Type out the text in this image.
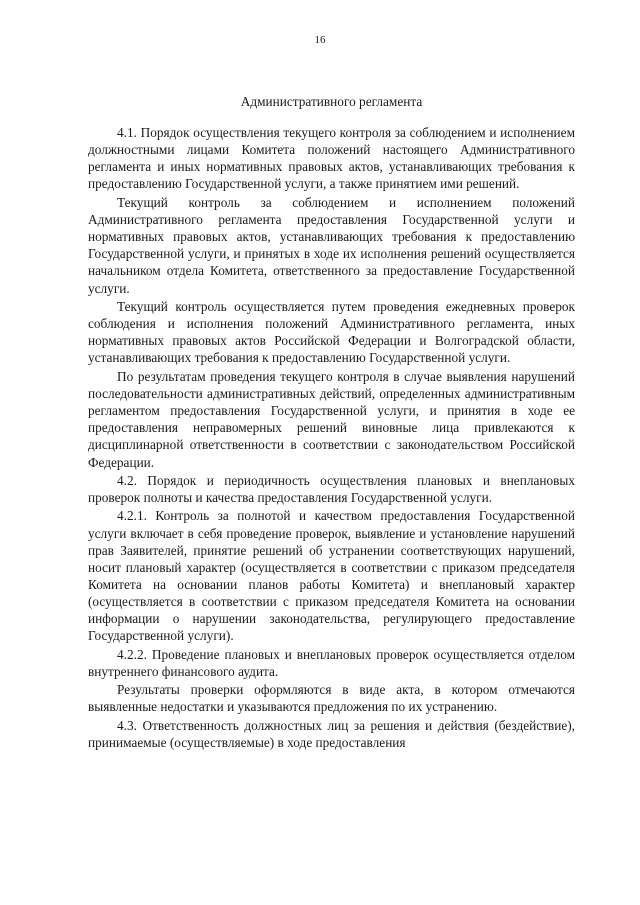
16
Административного регламента

4.1. Порядок осуществления текущего контроля за соблюдением и исполнением должностными лицами Комитета положений настоящего Административного регламента и иных нормативных правовых актов, устанавливающих требования к предоставлению Государственной услуги, а также принятием ими решений.

Текущий контроль за соблюдением и исполнением положений Административного регламента предоставления Государственной услуги и нормативных правовых актов, устанавливающих требования к предоставлению Государственной услуги, и принятых в ходе их исполнения решений осуществляется начальником отдела Комитета, ответственного за предоставление Государственной услуги.

Текущий контроль осуществляется путем проведения ежедневных проверок соблюдения и исполнения положений Административного регламента, иных нормативных правовых актов Российской Федерации и Волгоградской области, устанавливающих требования к предоставлению Государственной услуги.

По результатам проведения текущего контроля в случае выявления нарушений последовательности административных действий, определенных административным регламентом предоставления Государственной услуги, и принятия в ходе ее предоставления неправомерных решений виновные лица привлекаются к дисциплинарной ответственности в соответствии с законодательством Российской Федерации.

4.2. Порядок и периодичность осуществления плановых и внеплановых проверок полноты и качества предоставления Государственной услуги.

4.2.1. Контроль за полнотой и качеством предоставления Государственной услуги включает в себя проведение проверок, выявление и установление нарушений прав Заявителей, принятие решений об устранении соответствующих нарушений, носит плановый характер (осуществляется в соответствии с приказом председателя Комитета на основании планов работы Комитета) и внеплановый характер (осуществляется в соответствии с приказом председателя Комитета на основании информации о нарушении законодательства, регулирующего предоставление Государственной услуги).

4.2.2. Проведение плановых и внеплановых проверок осуществляется отделом внутреннего финансового аудита.

Результаты проверки оформляются в виде акта, в котором отмечаются выявленные недостатки и указываются предложения по их устранению.

4.3. Ответственность должностных лиц за решения и действия (бездействие), принимаемые (осуществляемые) в ходе предоставления
